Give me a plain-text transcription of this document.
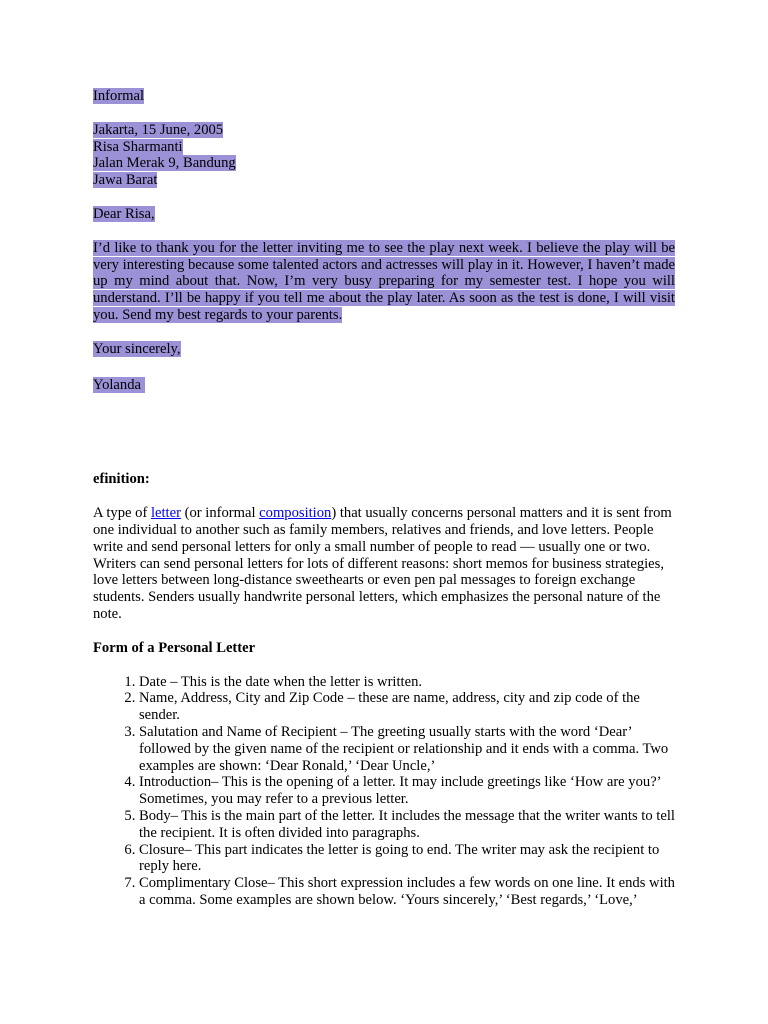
Informal

Jakarta, 15 June, 2005

Risa Sharmanti

Jalan Merak 9, Bandung

Jawa Barat

Dear Risa,

I’d like to thank you for the letter inviting me to see the play next week. I believe the play will be very interesting because some talented actors and actresses will play in it. However, I haven’t made up my mind about that. Now, I’m very busy preparing for my semester test. I hope you will understand. I’ll be happy if you tell me about the play later. As soon as the test is done, I will visit you. Send my best regards to your parents.

Your sincerely,

Yolanda

efinition:

A type of letter (or informal composition) that usually concerns personal matters and it is sent from one individual to another such as family members, relatives and friends, and love letters. People write and send personal letters for only a small number of people to read — usually one or two. Writers can send personal letters for lots of different reasons: short memos for business strategies, love letters between long-distance sweethearts or even pen pal messages to foreign exchange students. Senders usually handwrite personal letters, which emphasizes the personal nature of the note.

Form of a Personal Letter

1. Date – This is the date when the letter is written.
2. Name, Address, City and Zip Code – these are name, address, city and zip code of the sender.
3. Salutation and Name of Recipient – The greeting usually starts with the word ‘Dear’ followed by the given name of the recipient or relationship and it ends with a comma. Two examples are shown: ‘Dear Ronald,’ ‘Dear Uncle,’
4. Introduction– This is the opening of a letter. It may include greetings like ‘How are you?’ Sometimes, you may refer to a previous letter.
5. Body– This is the main part of the letter. It includes the message that the writer wants to tell the recipient. It is often divided into paragraphs.
6. Closure– This part indicates the letter is going to end. The writer may ask the recipient to reply here.
7. Complimentary Close– This short expression includes a few words on one line. It ends with a comma. Some examples are shown below. ‘Yours sincerely,’ ‘Best regards,’ ‘Love,’
